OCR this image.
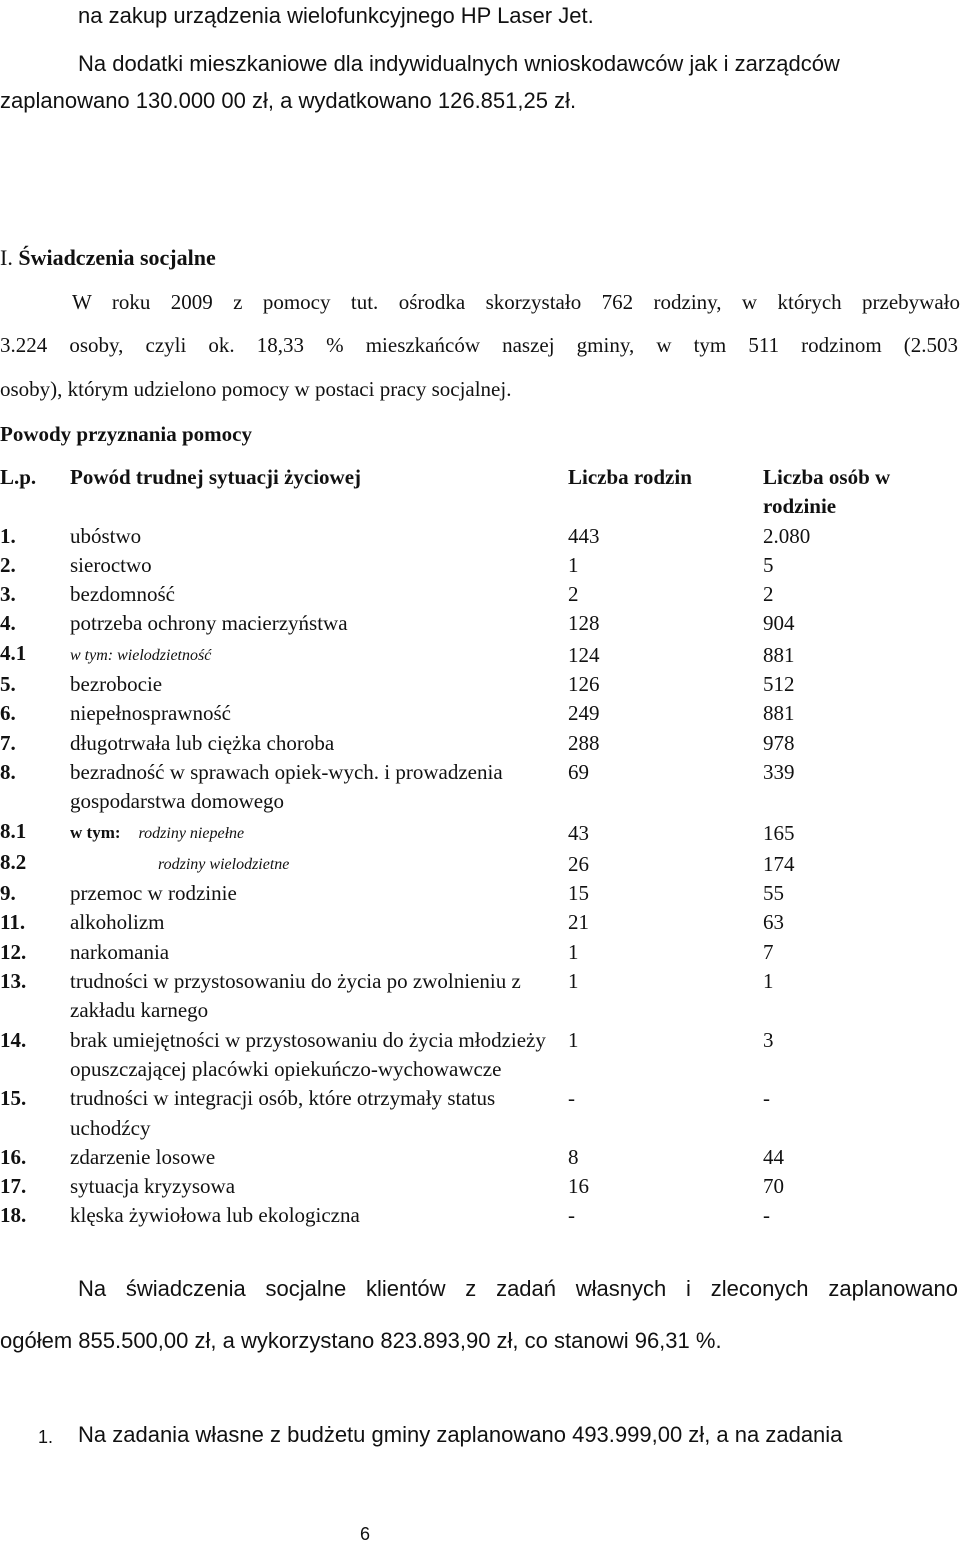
na zakup urządzenia wielofunkcyjnego HP Laser Jet.
Na dodatki mieszkaniowe dla indywidualnych wnioskodawców jak i zarządców
zaplanowano 130.000 00 zł, a wydatkowano 126.851,25 zł.
I. Świadczenia socjalne
W roku 2009 z pomocy tut. ośrodka skorzystało 762 rodziny, w których przebywało
3.224 osoby, czyli ok. 18,33 % mieszkańców naszej gminy, w tym 511 rodzinom (2.503
osoby), którym udzielono pomocy w postaci pracy socjalnej.
Powody przyznania pomocy
L.p.	Powód trudnej sytuacji życiowej	Liczba rodzin	Liczba osób w rodzinie
1.	ubóstwo	443	2.080
2.	sieroctwo	1	5
3.	bezdomność	2	2
4.	potrzeba ochrony macierzyństwa	128	904
4.1	w tym: wielodzietność	124	881
5.	bezrobocie	126	512
6.	niepełnosprawność	249	881
7.	długotrwała lub ciężka choroba	288	978
8.	bezradność w sprawach opiek-wych. i prowadzenia gospodarstwa domowego	69	339
8.1	w tym: rodziny niepełne	43	165
8.2	rodziny wielodzietne	26	174
9.	przemoc w rodzinie	15	55
11.	alkoholizm	21	63
12.	narkomania	1	7
13.	trudności w przystosowaniu do życia po zwolnieniu z zakładu karnego	1	1
14.	brak umiejętności w przystosowaniu do życia młodzieży opuszczającej placówki opiekuńczo-wychowawcze	1	3
15.	trudności w integracji osób, które otrzymały status uchodźcy	-	-
16.	zdarzenie losowe	8	44
17.	sytuacja kryzysowa	16	70
18.	klęska żywiołowa lub ekologiczna	-	-
Na świadczenia socjalne klientów z zadań własnych i zleconych zaplanowano
ogółem 855.500,00 zł, a wykorzystano 823.893,90 zł, co stanowi 96,31 %.
1. Na zadania własne z budżetu gminy zaplanowano 493.999,00 zł, a na zadania
6
